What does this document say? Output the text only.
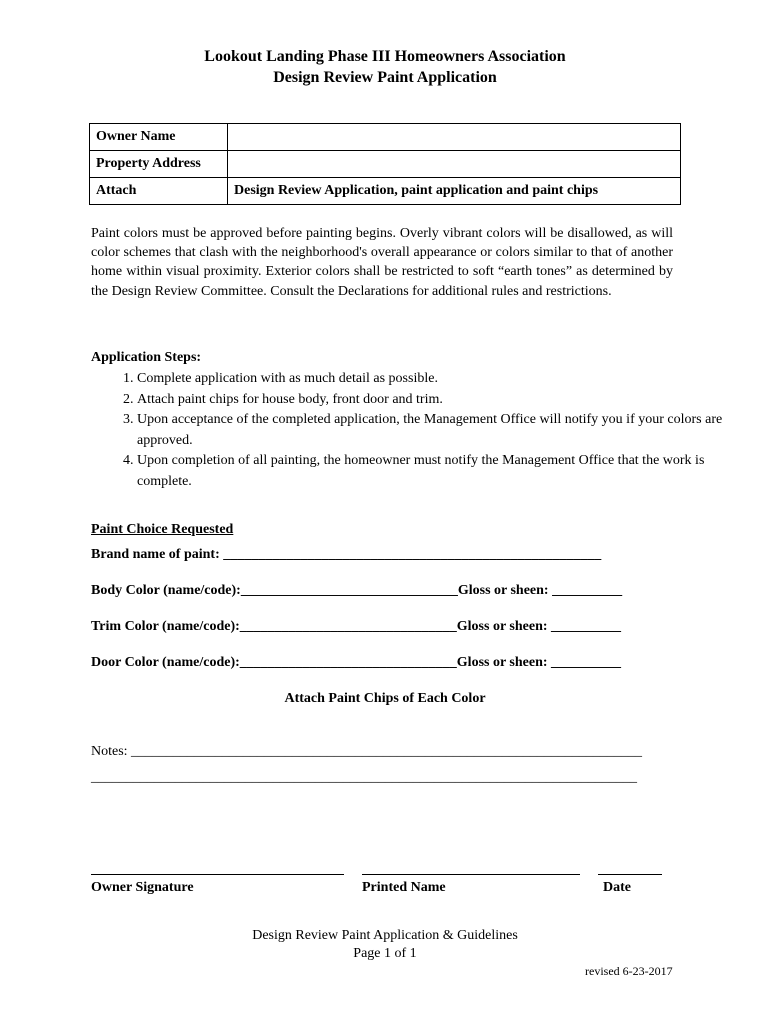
Lookout Landing Phase III Homeowners Association
Design Review Paint Application
Owner Name	
Property Address	
Attach	Design Review Application, paint application and paint chips
Paint colors must be approved before painting begins. Overly vibrant colors will be disallowed, as will color schemes that clash with the neighborhood's overall appearance or colors similar to that of another home within visual proximity. Exterior colors shall be restricted to soft “earth tones” as determined by the Design Review Committee. Consult the Declarations for additional rules and restrictions.
Application Steps:
1. Complete application with as much detail as possible.
2. Attach paint chips for house body, front door and trim.
3. Upon acceptance of the completed application, the Management Office will notify you if your colors are approved.
4. Upon completion of all painting, the homeowner must notify the Management Office that the work is complete.
Paint Choice Requested
Brand name of paint: ______________________________________________________
Body Color (name/code):_______________________________Gloss or sheen: __________
Trim Color (name/code):_______________________________Gloss or sheen: __________
Door Color (name/code):_______________________________Gloss or sheen: __________
Attach Paint Chips of Each Color
Notes: _________________________________________________________________________
______________________________________________________________________________
Owner Signature	Printed Name	Date
Design Review Paint Application & Guidelines
Page 1 of 1
revised 6-23-2017
